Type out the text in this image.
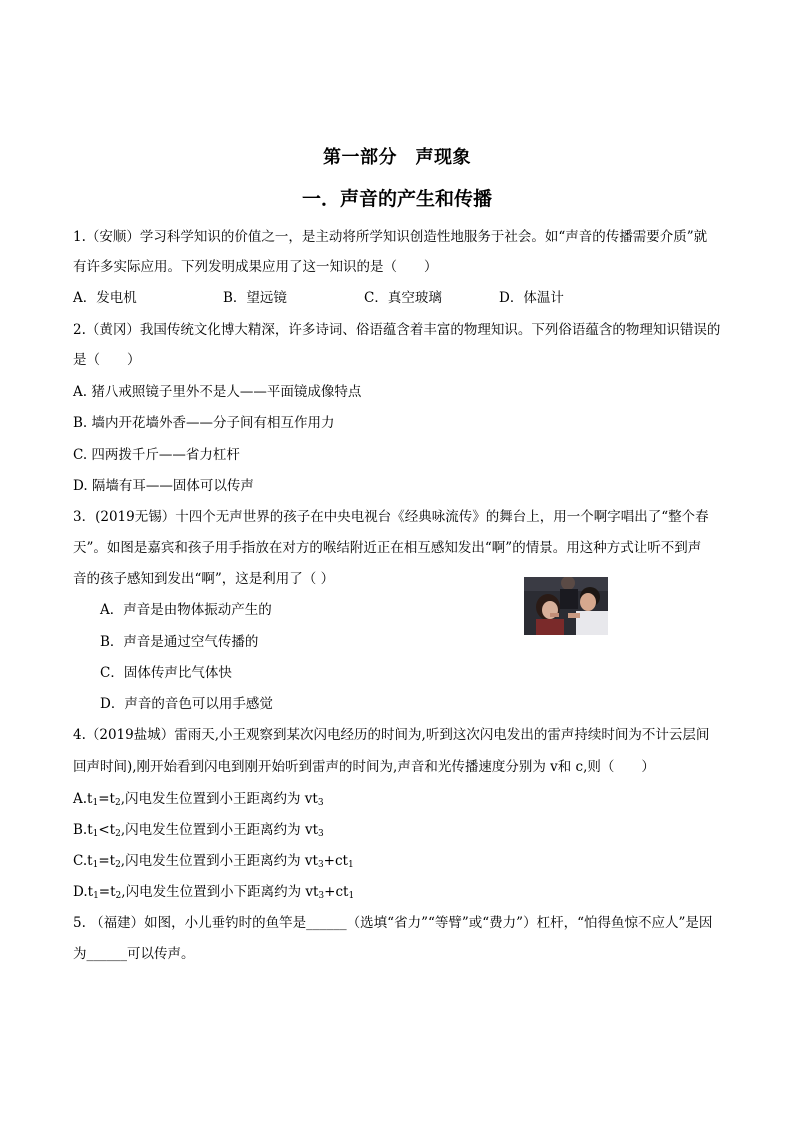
第一部分　声现象
一．声音的产生和传播
1.（安顺）学习科学知识的价值之一，是主动将所学知识创造性地服务于社会。如“声音的传播需要介质”就
有许多实际应用。下列发明成果应用了这一知识的是（　　）
A．发电机	B．望远镜	C．真空玻璃	D．体温计
2.（黄冈）我国传统文化博大精深，许多诗词、俗语蕴含着丰富的物理知识。下列俗语蕴含的物理知识错误的
是（　　）
A. 猪八戒照镜子里外不是人——平面镜成像特点
B. 墙内开花墙外香——分子间有相互作用力
C. 四两拨千斤——省力杠杆
D. 隔墙有耳——固体可以传声
3．(2019无锡）十四个无声世界的孩子在中央电视台《经典咏流传》的舞台上，用一个啊字唱出了“整个春
天”。如图是嘉宾和孩子用手指放在对方的喉结附近正在相互感知发出“啊”的情景。用这种方式让听不到声
音的孩子感知到发出“啊”，这是利用了（ ）
A．声音是由物体振动产生的
B．声音是通过空气传播的
C．固体传声比气体快
D．声音的音色可以用手感觉
4.（2019盐城）雷雨天,小王观察到某次闪电经历的时间为,听到这次闪电发出的雷声持续时间为不计云层间
回声时间),刚开始看到闪电到刚开始听到雷声的时间为,声音和光传播速度分别为 v和 c,则（　　）
$A.t_1=t_2$,闪电发生位置到小王距离约为 $vt_3$
$B.t_1<t_2$,闪电发生位置到小王距离约为 $vt_3$
$C.t_1=t_2$,闪电发生位置到小王距离约为 $vt_3+ct_1$
$D.t_1=t_2$,闪电发生位置到小下距离约为 $vt_3+ct_1$
5. （福建）如图，小儿垂钓时的鱼竿是______（选填“省力”“等臂”或“费力”）杠杆，“怕得鱼惊不应人”是因
为______可以传声。
